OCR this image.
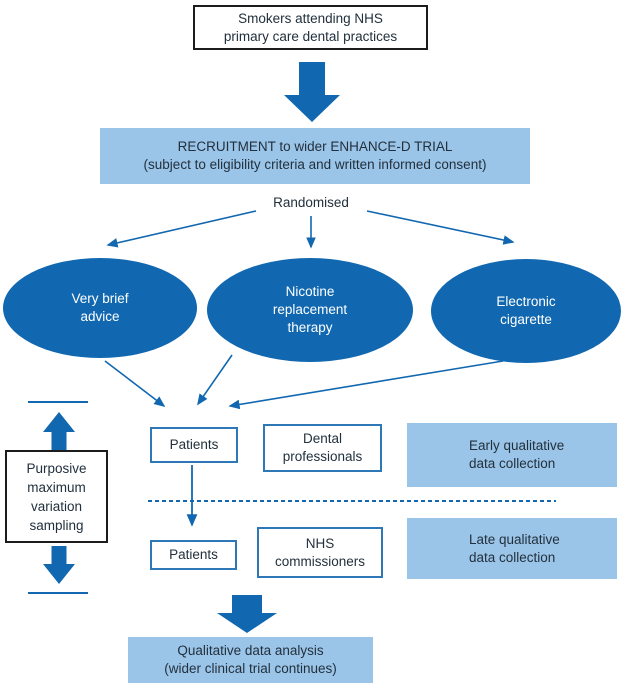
Smokers attending NHS
primary care dental practices
RECRUITMENT to wider ENHANCE-D TRIAL
(subject to eligibility criteria and written informed consent)
Randomised
Very brief
advice
Nicotine
replacement
therapy
Electronic
cigarette
Patients	Dental
professionals
Early qualitative
data collection
Patients
NHS
commissioners
Late qualitative
data collection
Purposive
maximum
variation
sampling
Qualitative data analysis
(wider clinical trial continues)
